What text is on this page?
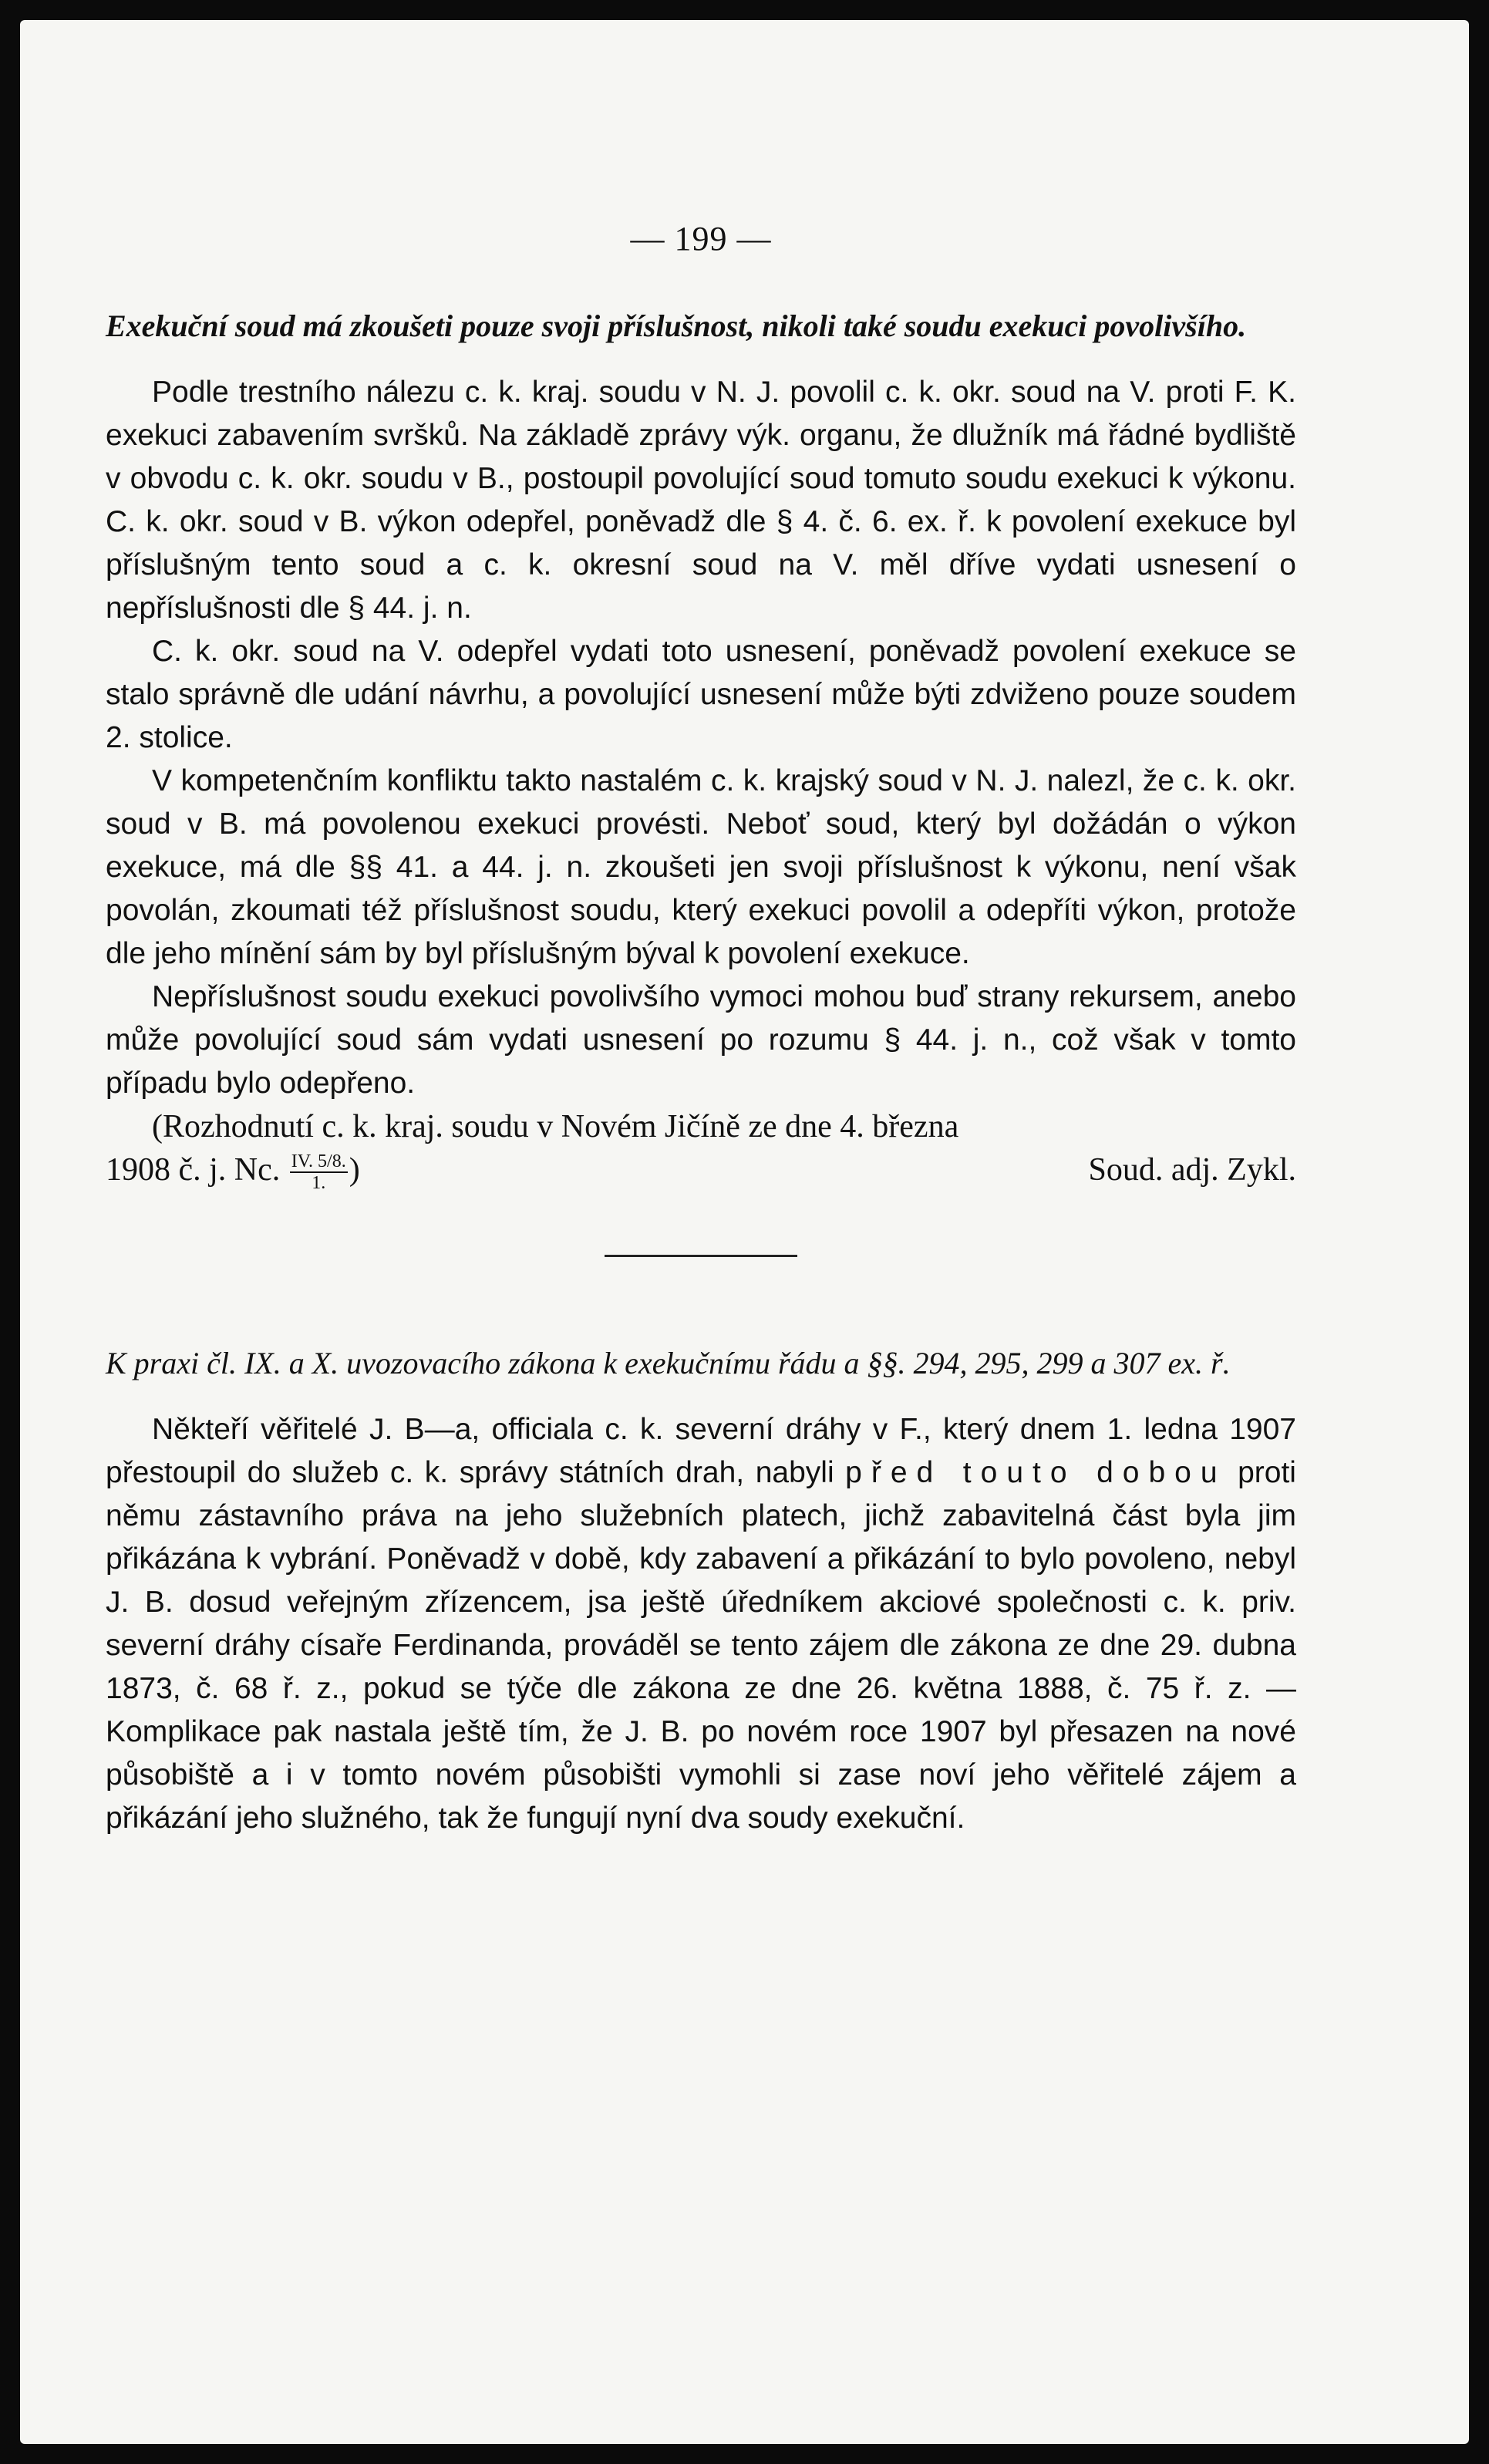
— 199 —

Exekuční soud má zkoušeti pouze svoji příslušnost, nikoli také soudu exekuci povolivšího.

Podle trestního nálezu c. k. kraj. soudu v N. J. povolil c. k. okr. soud na V. proti F. K. exekuci zabavením svršků. Na základě zprávy výk. organu, že dlužník má řádné bydliště v obvodu c. k. okr. soudu v B., postoupil povolující soud tomuto soudu exekuci k výkonu. C. k. okr. soud v B. výkon odepřel, poněvadž dle § 4. č. 6. ex. ř. k povolení exekuce byl příslušným tento soud a c. k. okresní soud na V. měl dříve vydati usnesení o nepříslušnosti dle § 44. j. n.

C. k. okr. soud na V. odepřel vydati toto usnesení, poněvadž povolení exekuce se stalo správně dle udání návrhu, a povolující usnesení může býti zdviženo pouze soudem 2. stolice.

V kompetenčním konfliktu takto nastalém c. k. krajský soud v N. J. nalezl, že c. k. okr. soud v B. má povolenou exekuci provésti. Neboť soud, který byl dožádán o výkon exekuce, má dle §§ 41. a 44. j. n. zkoušeti jen svoji příslušnost k výkonu, není však povolán, zkoumati též příslušnost soudu, který exekuci povolil a odepříti výkon, protože dle jeho mínění sám by byl příslušným býval k povolení exekuce.

Nepříslušnost soudu exekuci povolivšího vymoci mohou buď strany rekursem, anebo může povolující soud sám vydati usnesení po rozumu § 44. j. n., což však v tomto případu bylo odepřeno.

(Rozhodnutí c. k. kraj. soudu v Novém Jičíně ze dne 4. března

1908 č. j. Nc. $\frac{IV. 5/8.}{1.}$ )	Soud. adj. Zykl.

K praxi čl. IX. a X. uvozovacího zákona k exekučnímu řádu a §§. 294, 295, 299 a 307 ex. ř.

Někteří věřitelé J. B—a, officiala c. k. severní dráhy v F., který dnem 1. ledna 1907 přestoupil do služeb c. k. správy státních drah, nabyli před touto dobou proti němu zástavního práva na jeho služebních platech, jichž zabavitelná část byla jim přikázána k vybrání. Poněvadž v době, kdy zabavení a přikázání to bylo povoleno, nebyl J. B. dosud veřejným zřízencem, jsa ještě úředníkem akciové společnosti c. k. priv. severní dráhy císaře Ferdinanda, prováděl se tento zájem dle zákona ze dne 29. dubna 1873, č. 68 ř. z., pokud se týče dle zákona ze dne 26. května 1888, č. 75 ř. z. — Komplikace pak nastala ještě tím, že J. B. po novém roce 1907 byl přesazen na nové působiště a i v tomto novém působišti vymohli si zase noví jeho věřitelé zájem a přikázání jeho služného, tak že fungují nyní dva soudy exekuční.
